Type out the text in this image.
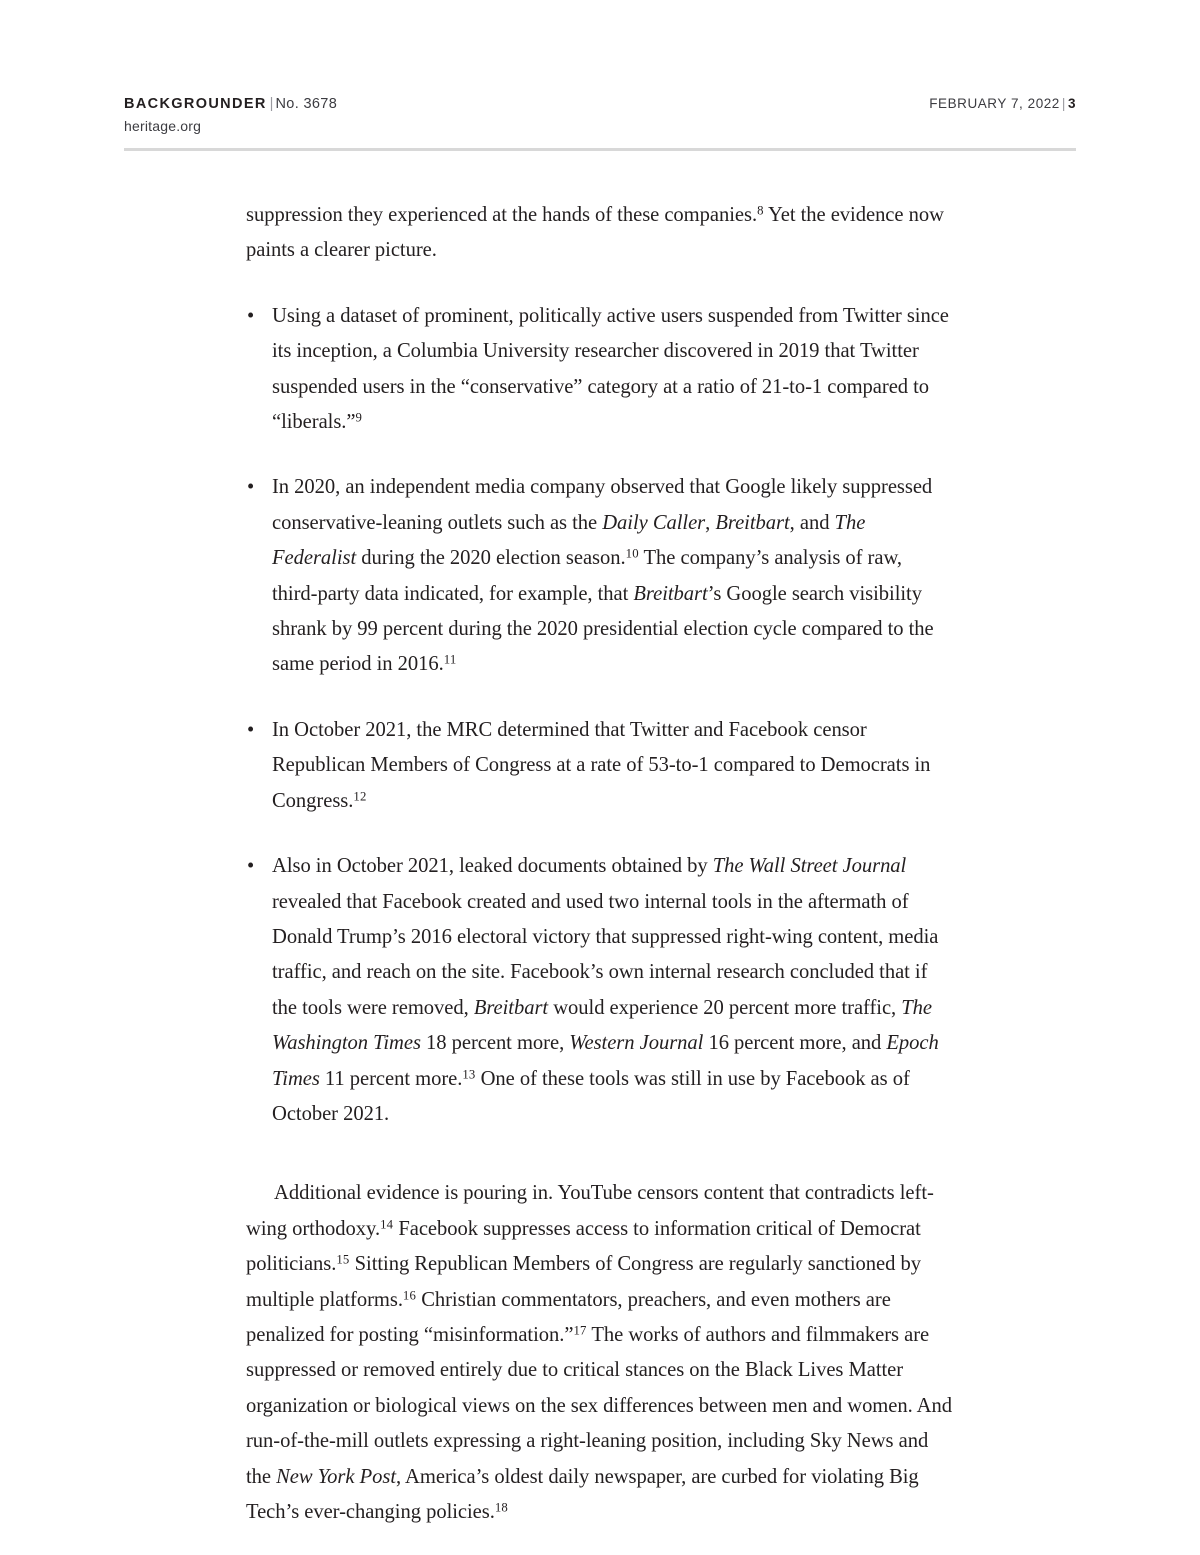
BACKGROUNDER | No. 3678	FEBRUARY 7, 2022 | 3
heritage.org

suppression they experienced at the hands of these companies.$^8$ Yet the evidence now paints a clearer picture.

• Using a dataset of prominent, politically active users suspended from Twitter since its inception, a Columbia University researcher discovered in 2019 that Twitter suspended users in the “conservative” category at a ratio of 21-to-1 compared to “liberals.”$^9$
• In 2020, an independent media company observed that Google likely suppressed conservative-leaning outlets such as the Daily Caller, Breitbart, and The Federalist during the 2020 election season.$^{10}$ The company’s analysis of raw, third-party data indicated, for example, that Breitbart’s Google search visibility shrank by 99 percent during the 2020 presidential election cycle compared to the same period in 2016.11
• In October 2021, the MRC determined that Twitter and Facebook censor Republican Members of Congress at a rate of 53-to-1 compared to Democrats in Congress.$^{12}$
• Also in October 2021, leaked documents obtained by The Wall Street Journal revealed that Facebook created and used two internal tools in the aftermath of Donald Trump’s 2016 electoral victory that suppressed right-wing content, media traffic, and reach on the site. Facebook’s own internal research concluded that if the tools were removed, Breitbart would experience 20 percent more traffic, The Washington Times 18 percent more, Western Journal 16 percent more, and Epoch Times 11 percent more.$^{13}$ One of these tools was still in use by Facebook as of October 2021.

Additional evidence is pouring in. YouTube censors content that contradicts left-wing orthodoxy.$^{14}$ Facebook suppresses access to information critical of Democrat politicians.$^{15}$ Sitting Republican Members of Congress are regularly sanctioned by multiple platforms.$^{16}$ Christian commentators, preachers, and even mothers are penalized for posting “misinformation.”$^{17}$ The works of authors and filmmakers are suppressed or removed entirely due to critical stances on the Black Lives Matter organization or biological views on the sex differences between men and women. And run-of-the-mill outlets expressing a right-leaning position, including Sky News and the New York Post, America’s oldest daily newspaper, are curbed for violating Big Tech’s ever-changing policies.$^{18}$
